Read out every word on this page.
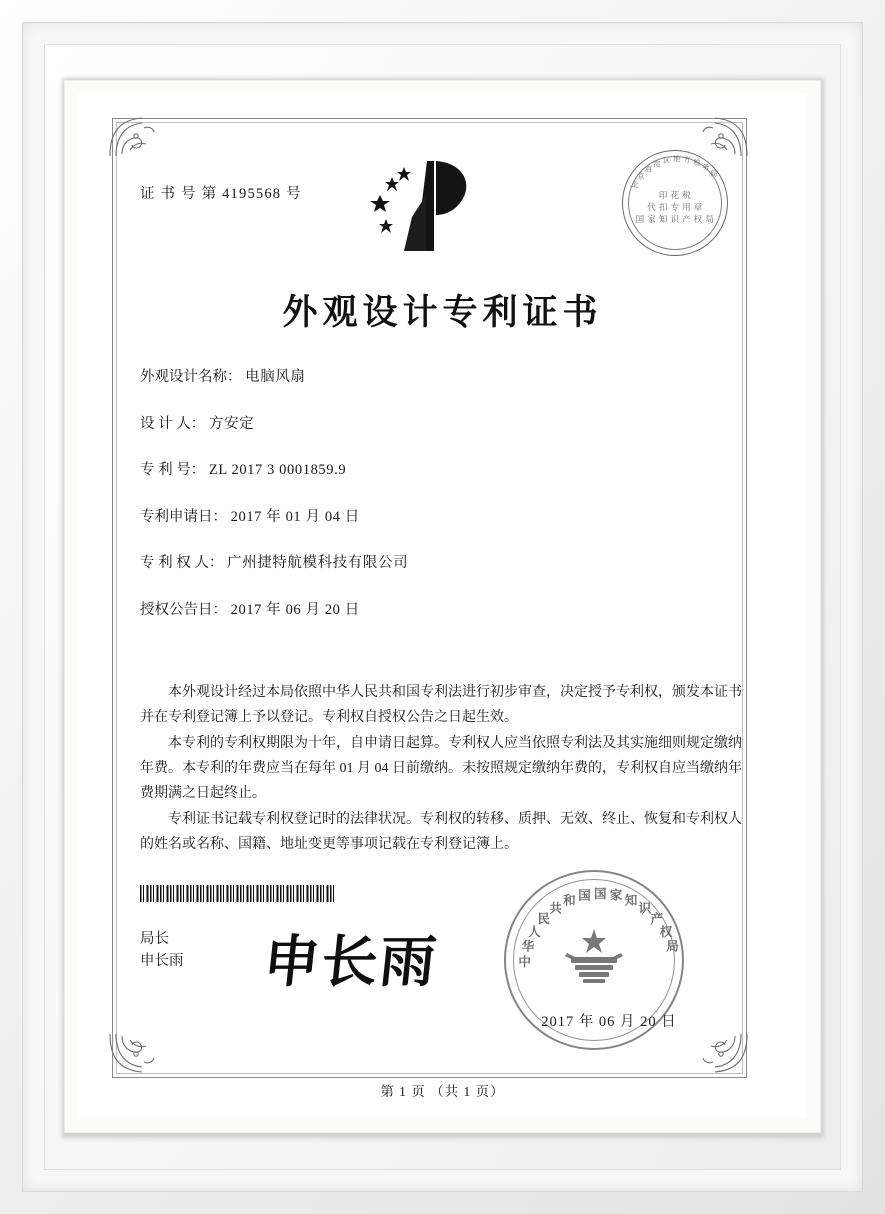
证 书 号 第 4195568 号
北
京
海
淀 区 地 方 税
务
局
印 花 税
代 扣 专 用 章
国 家 知 识 产 权 局
外观设计专利证书
外观设计名称： 电脑风扇
设 计 人： 方安定
专 利 号： ZL 2017 3 0001859.9
专利申请日： 2017 年 01 月 04 日
专 利 权 人： 广州捷特航模科技有限公司
授权公告日： 2017 年 06 月 20 日

本外观设计经过本局依照中华人民共和国专利法进行初步审查，决定授予专利权，颁发本证书并在专利登记簿上予以登记。专利权自授权公告之日起生效。

本专利的专利权期限为十年，自申请日起算。专利权人应当依照专利法及其实施细则规定缴纳年费。本专利的年费应当在每年 01 月 04 日前缴纳。未按照规定缴纳年费的，专利权自应当缴纳年费期满之日起终止。

专利证书记载专利权登记时的法律状况。专利权的转移、质押、无效、终止、恢复和专利权人的姓名或名称、国籍、地址变更等事项记载在专利登记簿上。

局长
申长雨 申长雨	中
华
人
民
共
和 国 国 家 知
识
产
权
局
2017 年 06 月 20 日
第 1 页 （共 1 页）
